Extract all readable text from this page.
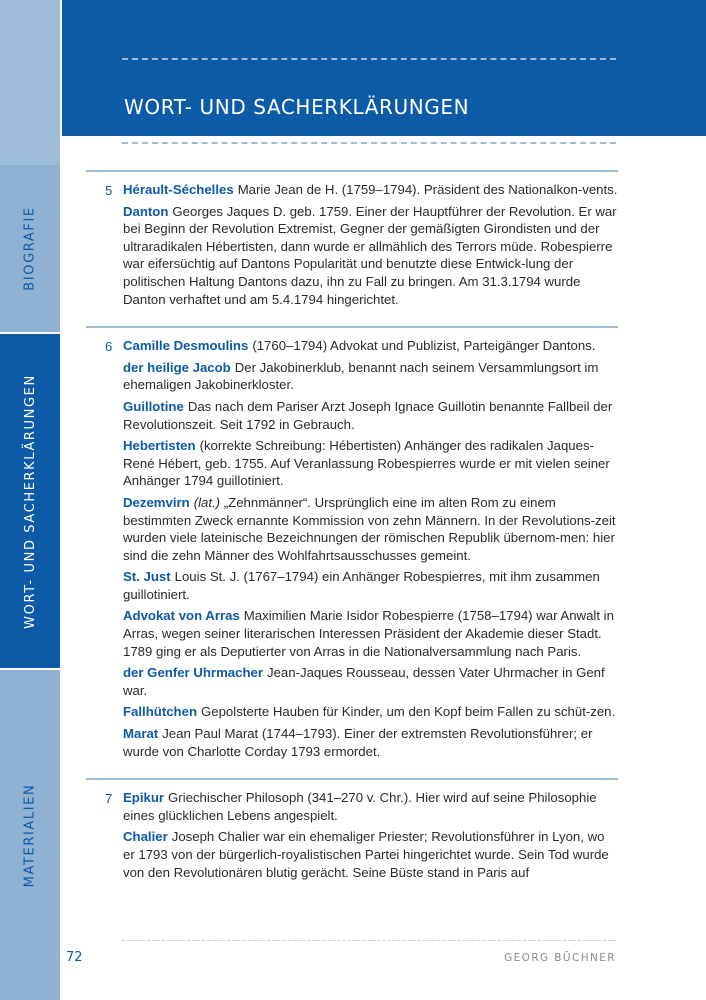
BIOGRAFIE
WORT- UND SACHERKLÄRUNGEN
MATERIALIEN
72
WORT- UND SACHERKLÄRUNGEN
5 Hérault-Séchelles Marie Jean de H. (1759–1794). Präsident des Nationalkon-vents.

Danton Georges Jaques D. geb. 1759. Einer der Hauptführer der Revolution. Er war bei Beginn der Revolution Extremist, Gegner der gemäßigten Girondisten und der ultraradikalen Hébertisten, dann wurde er allmählich des Terrors müde. Robespierre war eifersüchtig auf Dantons Popularität und benutzte diese Entwick-lung der politischen Haltung Dantons dazu, ihn zu Fall zu bringen. Am 31.3.1794 wurde Danton verhaftet und am 5.4.1794 hingerichtet.

6 Camille Desmoulins (1760–1794) Advokat und Publizist, Parteigänger Dantons.

der heilige Jacob Der Jakobinerklub, benannt nach seinem Versammlungsort im ehemaligen Jakobinerkloster.

Guillotine Das nach dem Pariser Arzt Joseph Ignace Guillotin benannte Fallbeil der Revolutionszeit. Seit 1792 in Gebrauch.

Hebertisten (korrekte Schreibung: Hébertisten) Anhänger des radikalen Jaques-René Hébert, geb. 1755. Auf Veranlassung Robespierres wurde er mit vielen seiner Anhänger 1794 guillotiniert.

Dezemvirn (lat.) „Zehnmänner“. Ursprünglich eine im alten Rom zu einem bestimmten Zweck ernannte Kommission von zehn Männern. In der Revolutions-zeit wurden viele lateinische Bezeichnungen der römischen Republik übernom-men: hier sind die zehn Männer des Wohlfahrtsausschusses gemeint.

St. Just Louis St. J. (1767–1794) ein Anhänger Robespierres, mit ihm zusammen guillotiniert.

Advokat von Arras Maximilien Marie Isidor Robespierre (1758–1794) war Anwalt in Arras, wegen seiner literarischen Interessen Präsident der Akademie dieser Stadt. 1789 ging er als Deputierter von Arras in die Nationalversammlung nach Paris.

der Genfer Uhrmacher Jean-Jaques Rousseau, dessen Vater Uhrmacher in Genf war.

Fallhütchen Gepolsterte Hauben für Kinder, um den Kopf beim Fallen zu schüt-zen.

Marat Jean Paul Marat (1744–1793). Einer der extremsten Revolutionsführer; er wurde von Charlotte Corday 1793 ermordet.

7 Epikur Griechischer Philosoph (341–270 v. Chr.). Hier wird auf seine Philosophie eines glücklichen Lebens angespielt.

Chalier Joseph Chalier war ein ehemaliger Priester; Revolutionsführer in Lyon, wo er 1793 von der bürgerlich-royalistischen Partei hingerichtet wurde. Sein Tod wurde von den Revolutionären blutig gerächt. Seine Büste stand in Paris auf

GEORG BÜCHNER
